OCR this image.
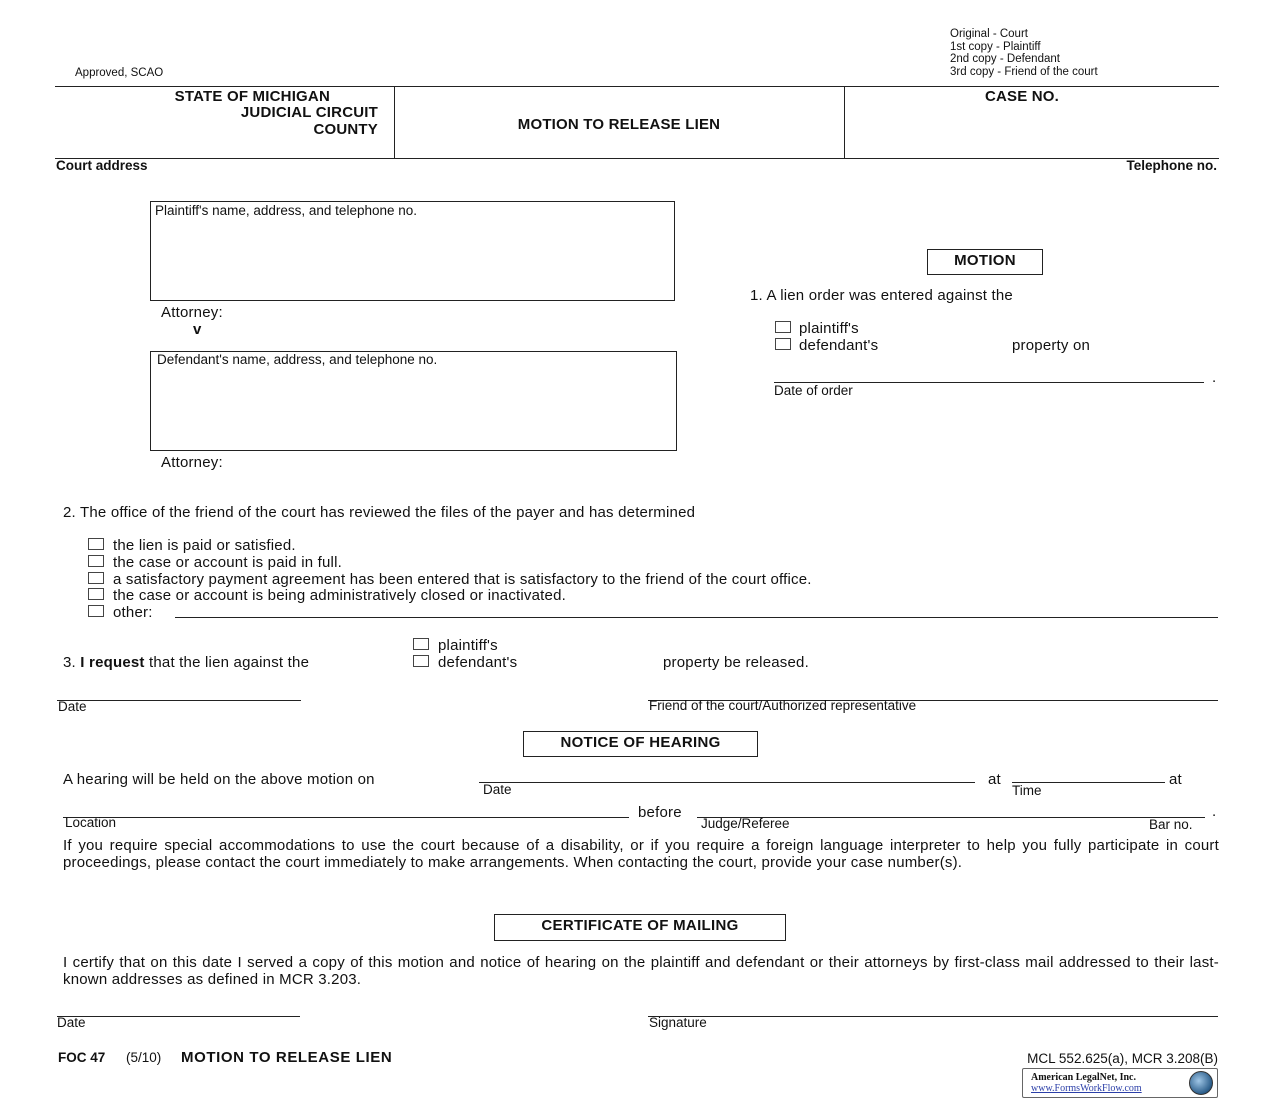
Approved, SCAO
Original - Court
1st copy - Plaintiff
2nd copy - Defendant
3rd copy - Friend of the court
STATE OF MICHIGAN
JUDICIAL CIRCUIT
COUNTY	MOTION TO RELEASE LIEN
CASE NO.
Court address	Telephone no.
Plaintiff's name, address, and telephone no.
Attorney:
v
Defendant's name, address, and telephone no.
Attorney:
MOTION
1. A lien order was entered against the
plaintiff's
defendant's	property on
.
Date of order
2. The office of the friend of the court has reviewed the files of the payer and has determined
the lien is paid or satisfied.
the case or account is paid in full.
a satisfactory payment agreement has been entered that is satisfactory to the friend of the court office.
the case or account is being administratively closed or inactivated.
other:
3. I request that the lien against the
plaintiff's
defendant's	property be released.
Date	Friend of the court/Authorized representative
NOTICE OF HEARING
A hearing will be held on the above motion on
Date
at
Time
at
Location
before
Judge/Referee
.
Bar no.
If you require special accommodations to use the court because of a disability, or if you require a foreign language interpreter to help you fully participate in court proceedings, please contact the court immediately to make arrangements. When contacting the court, provide your case number(s).
CERTIFICATE OF MAILING
I certify that on this date I served a copy of this motion and notice of hearing on the plaintiff and defendant or their attorneys by first-class mail addressed to their last-known addresses as defined in MCR 3.203.
Date	Signature
FOC 47 (5/10) MOTION TO RELEASE LIEN	MCL 552.625(a), MCR 3.208(B)
American LegalNet, Inc.
www.FormsWorkFlow.com
